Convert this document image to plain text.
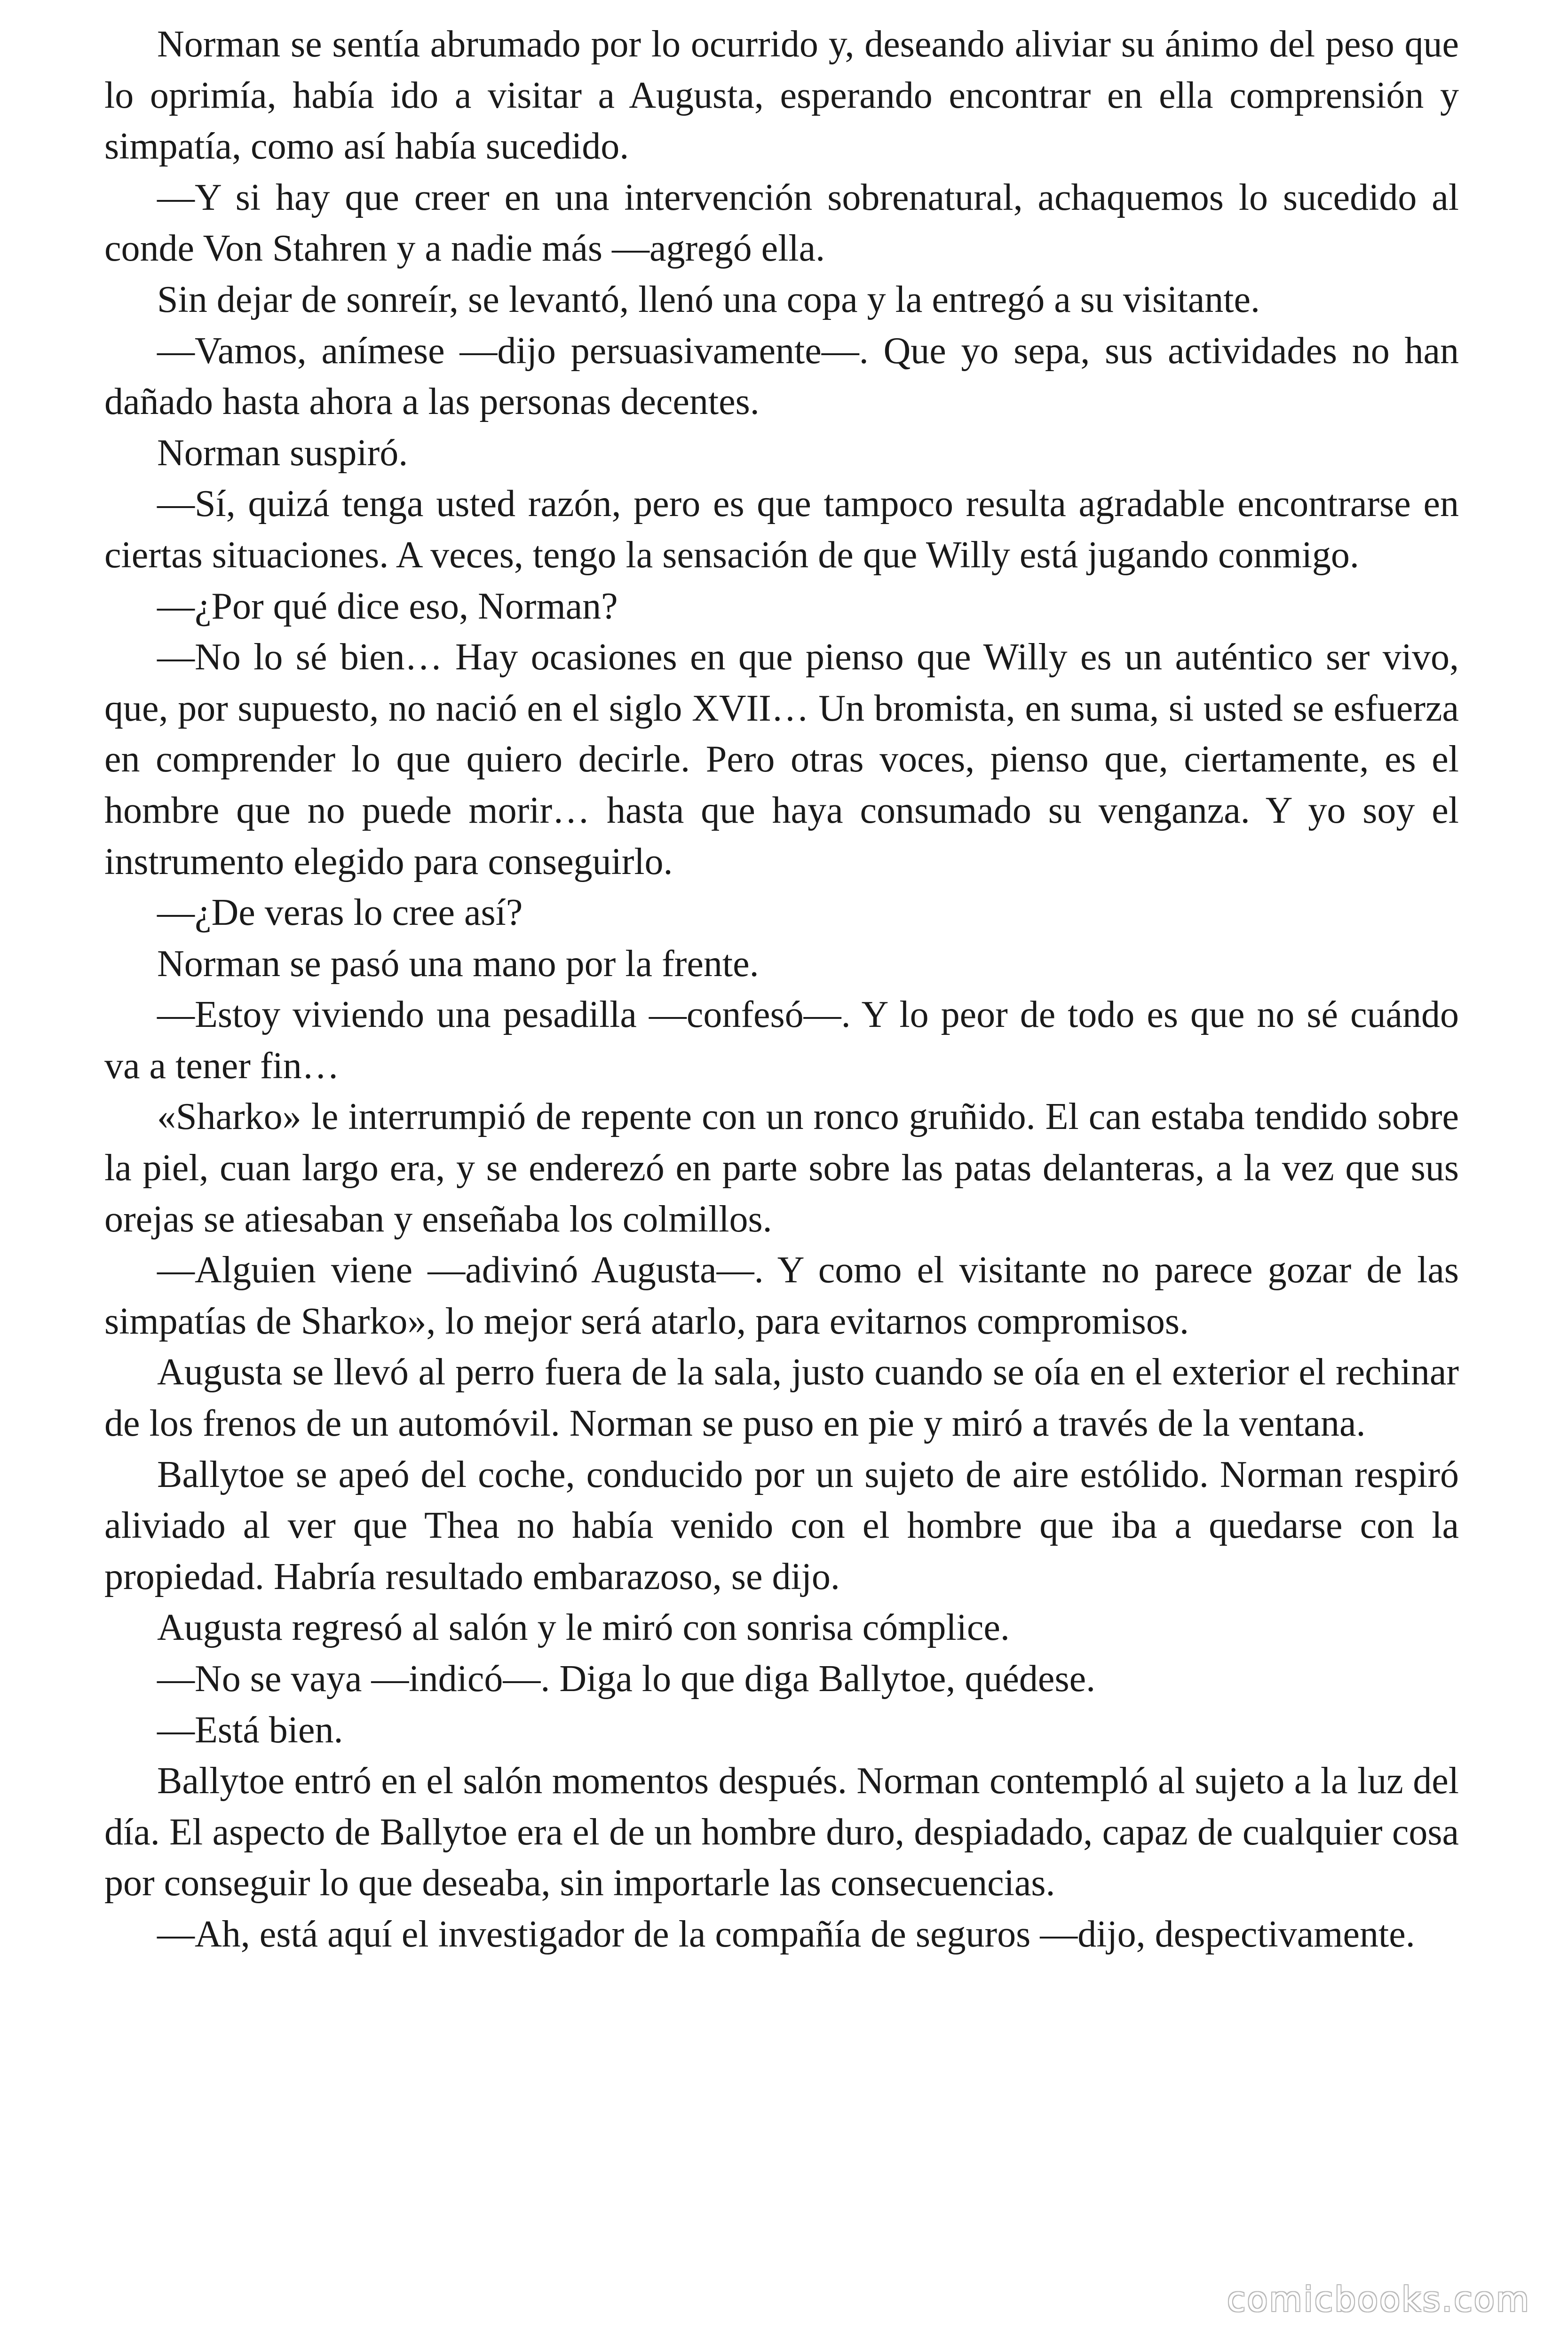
Norman se sentía abrumado por lo ocurrido y, deseando aliviar su ánimo del peso que lo oprimía, había ido a visitar a Augusta, esperando encontrar en ella comprensión y simpatía, como así había sucedido.

—Y si hay que creer en una intervención sobrenatural, achaquemos lo sucedido al conde Von Stahren y a nadie más —agregó ella.

Sin dejar de sonreír, se levantó, llenó una copa y la entregó a su visitante.

—Vamos, anímese —dijo persuasivamente—. Que yo sepa, sus actividades no han dañado hasta ahora a las personas decentes.

Norman suspiró.

—Sí, quizá tenga usted razón, pero es que tampoco resulta agradable encontrarse en ciertas situaciones. A veces, tengo la sensación de que Willy está jugando conmigo.

—¿Por qué dice eso, Norman?

—No lo sé bien… Hay ocasiones en que pienso que Willy es un auténtico ser vivo, que, por supuesto, no nació en el siglo XVII… Un bromista, en suma, si usted se esfuerza en comprender lo que quiero decirle. Pero otras voces, pienso que, ciertamente, es el hombre que no puede morir… hasta que haya consumado su venganza. Y yo soy el instrumento elegido para conseguirlo.

—¿De veras lo cree así?

Norman se pasó una mano por la frente.

—Estoy viviendo una pesadilla —confesó—. Y lo peor de todo es que no sé cuándo va a tener fin…

«Sharko» le interrumpió de repente con un ronco gruñido. El can estaba tendido sobre la piel, cuan largo era, y se enderezó en parte sobre las patas delanteras, a la vez que sus orejas se atiesaban y enseñaba los colmillos.

—Alguien viene —adivinó Augusta—. Y como el visitante no parece gozar de las simpatías de Sharko», lo mejor será atarlo, para evitarnos compromisos.

Augusta se llevó al perro fuera de la sala, justo cuando se oía en el exterior el rechinar de los frenos de un automóvil. Norman se puso en pie y miró a través de la ventana.

Ballytoe se apeó del coche, conducido por un sujeto de aire estólido. Norman respiró aliviado al ver que Thea no había venido con el hombre que iba a quedarse con la propiedad. Habría resultado embarazoso, se dijo.

Augusta regresó al salón y le miró con sonrisa cómplice.

—No se vaya —indicó—. Diga lo que diga Ballytoe, quédese.

—Está bien.

Ballytoe entró en el salón momentos después. Norman contempló al sujeto a la luz del día. El aspecto de Ballytoe era el de un hombre duro, despiadado, capaz de cualquier cosa por conseguir lo que deseaba, sin importarle las consecuencias.

—Ah, está aquí el investigador de la compañía de seguros —dijo, despectivamente.

comicbooks.com
